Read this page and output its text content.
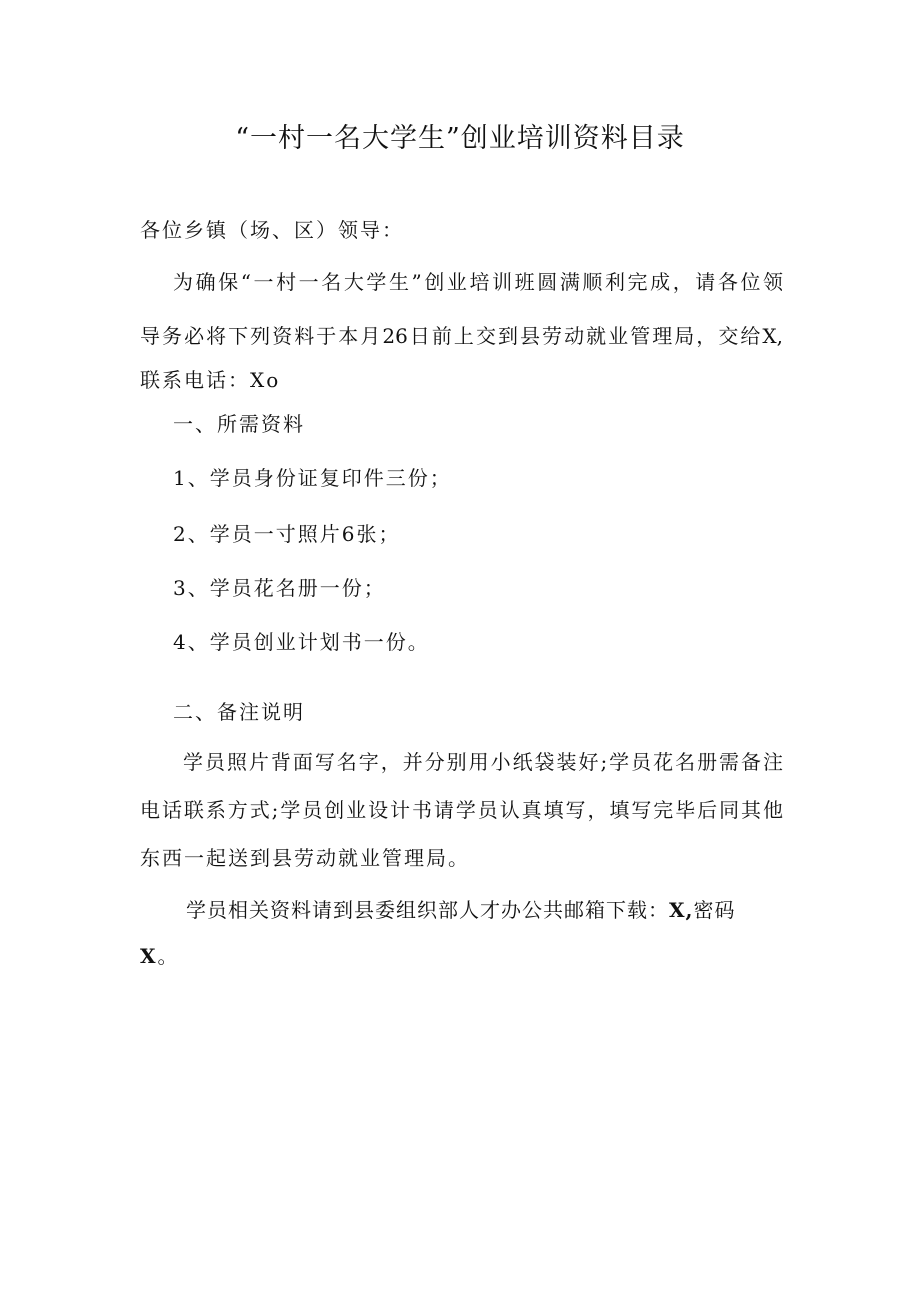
“一村一名大学生”创业培训资料目录
各位乡镇（场、区）领导：
为确保“一村一名大学生”创业培训班圆满顺利完成，请各位领
导务必将下列资料于本月26日前上交到县劳动就业管理局，交给X,
联系电话：Xo
一、所需资料
1、学员身份证复印件三份；
2、学员一寸照片6张；
3、学员花名册一份；
4、学员创业计划书一份。
二、备注说明
学员照片背面写名字，并分别用小纸袋装好;学员花名册需备注
电话联系方式;学员创业设计书请学员认真填写，填写完毕后同其他
东西一起送到县劳动就业管理局。
学员相关资料请到县委组织部人才办公共邮箱下载：X,密码
X。
